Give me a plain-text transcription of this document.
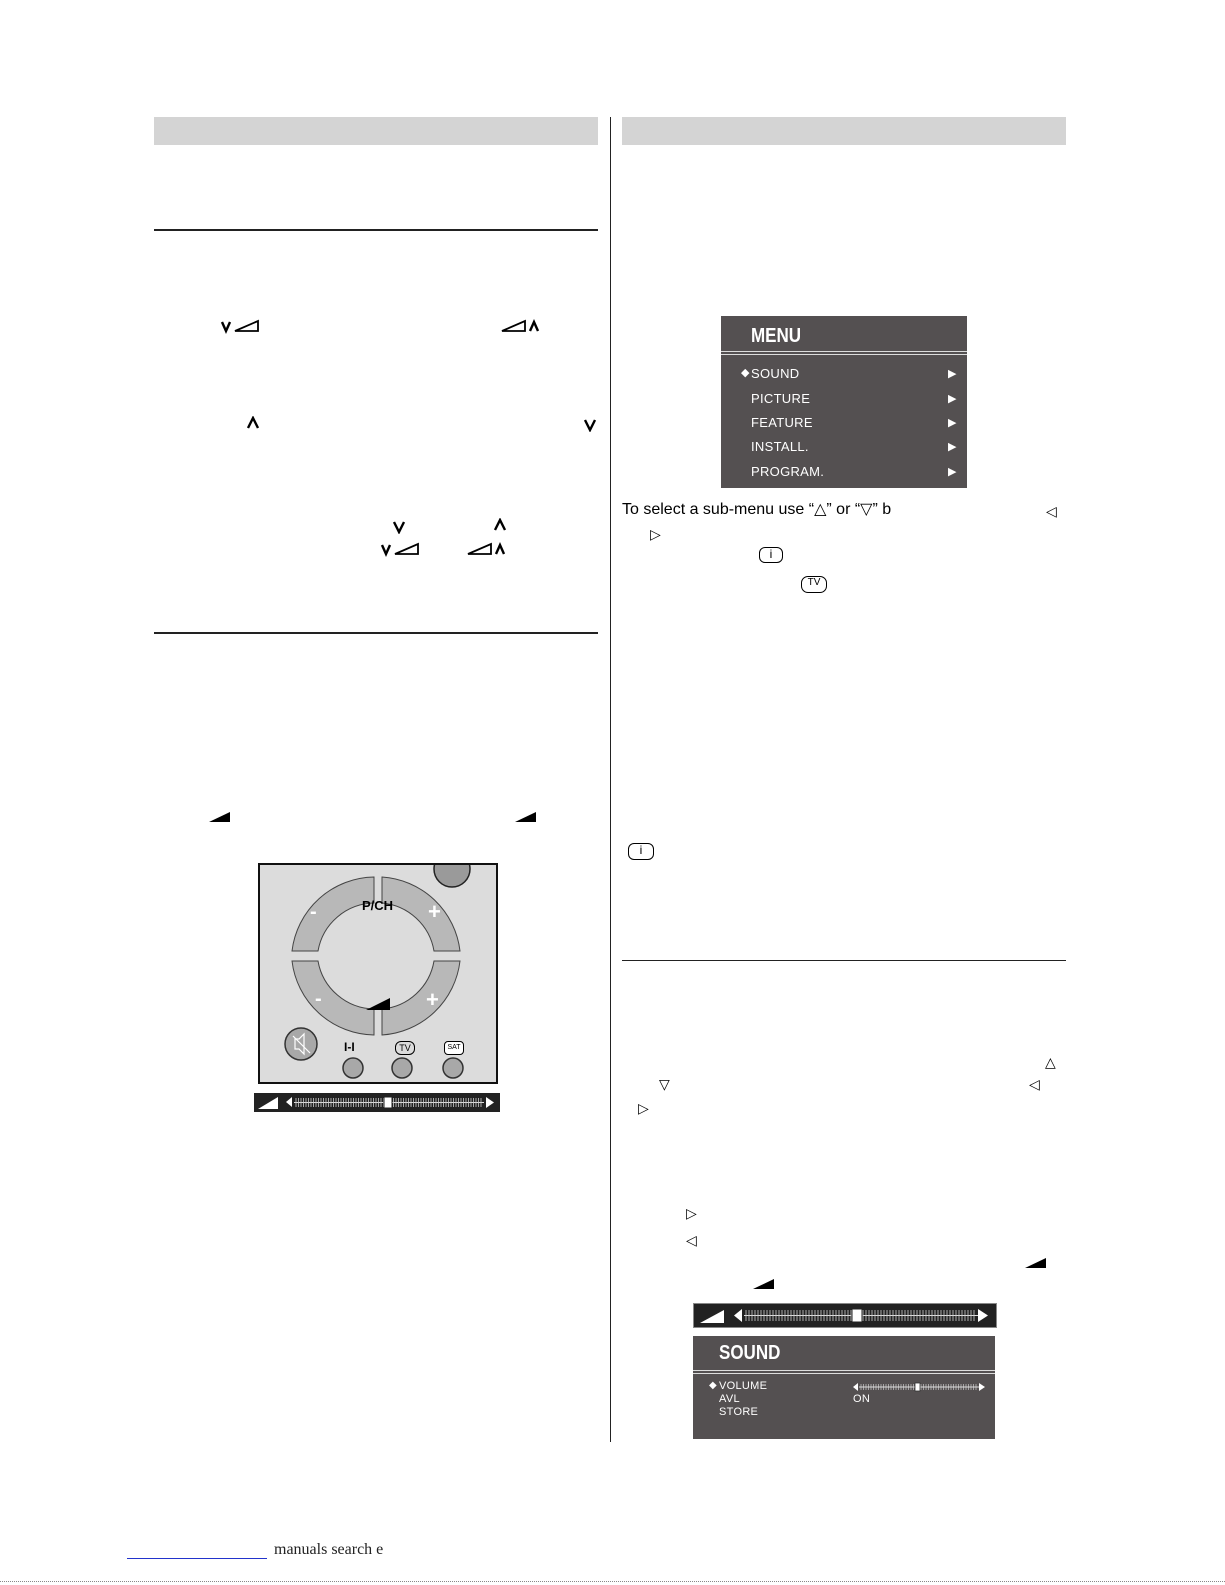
P/CH
-	+
-	+
I-I	TV	SAT
MENU
◆ SOUND
PICTURE
FEATURE
INSTALL.
PROGRAM.
▶
▶
▶
▶
▶
To select a sub-menu use “△” or “▽” b	◁
▷
i
TV
i
△
▽	◁
▷
▷
◁
SOUND
◆ VOLUME
AVL
STORE
ON
manuals search e
